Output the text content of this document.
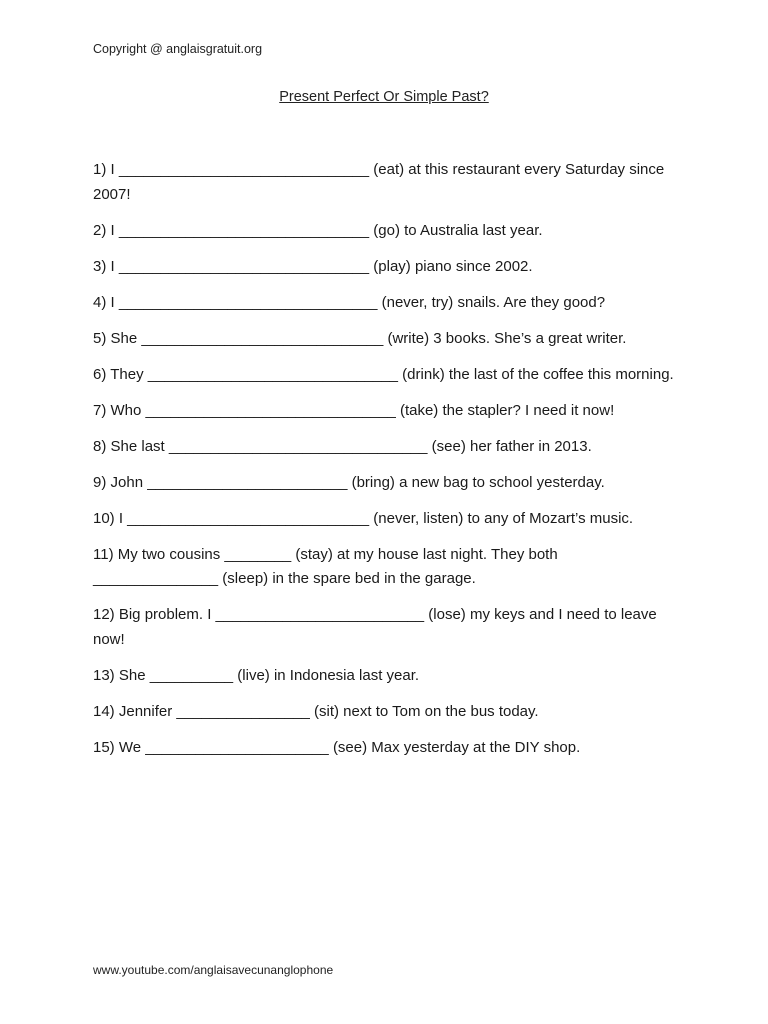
Copyright @ anglaisgratuit.org
Present Perfect Or Simple Past?
1) I ______________________________ (eat) at this restaurant every Saturday since 2007!
2) I ______________________________ (go) to Australia last year.
3) I ______________________________ (play) piano since 2002.
4) I _______________________________ (never, try) snails. Are they good?
5) She _____________________________ (write) 3 books. She’s a great writer.
6) They ______________________________ (drink) the last of the coffee this morning.
7) Who ______________________________ (take) the stapler? I need it now!
8) She last _______________________________ (see) her father in 2013.
9) John ________________________ (bring) a new bag to school yesterday.
10) I _____________________________ (never, listen) to any of Mozart’s music.
11) My two cousins ________ (stay) at my house last night. They both _______________ (sleep) in the spare bed in the garage.
12) Big problem. I _________________________ (lose) my keys and I need to leave now!
13) She __________ (live) in Indonesia last year.
14) Jennifer ________________ (sit) next to Tom on the bus today.
15) We ______________________ (see) Max yesterday at the DIY shop.
www.youtube.com/anglaisavecunanglophone
